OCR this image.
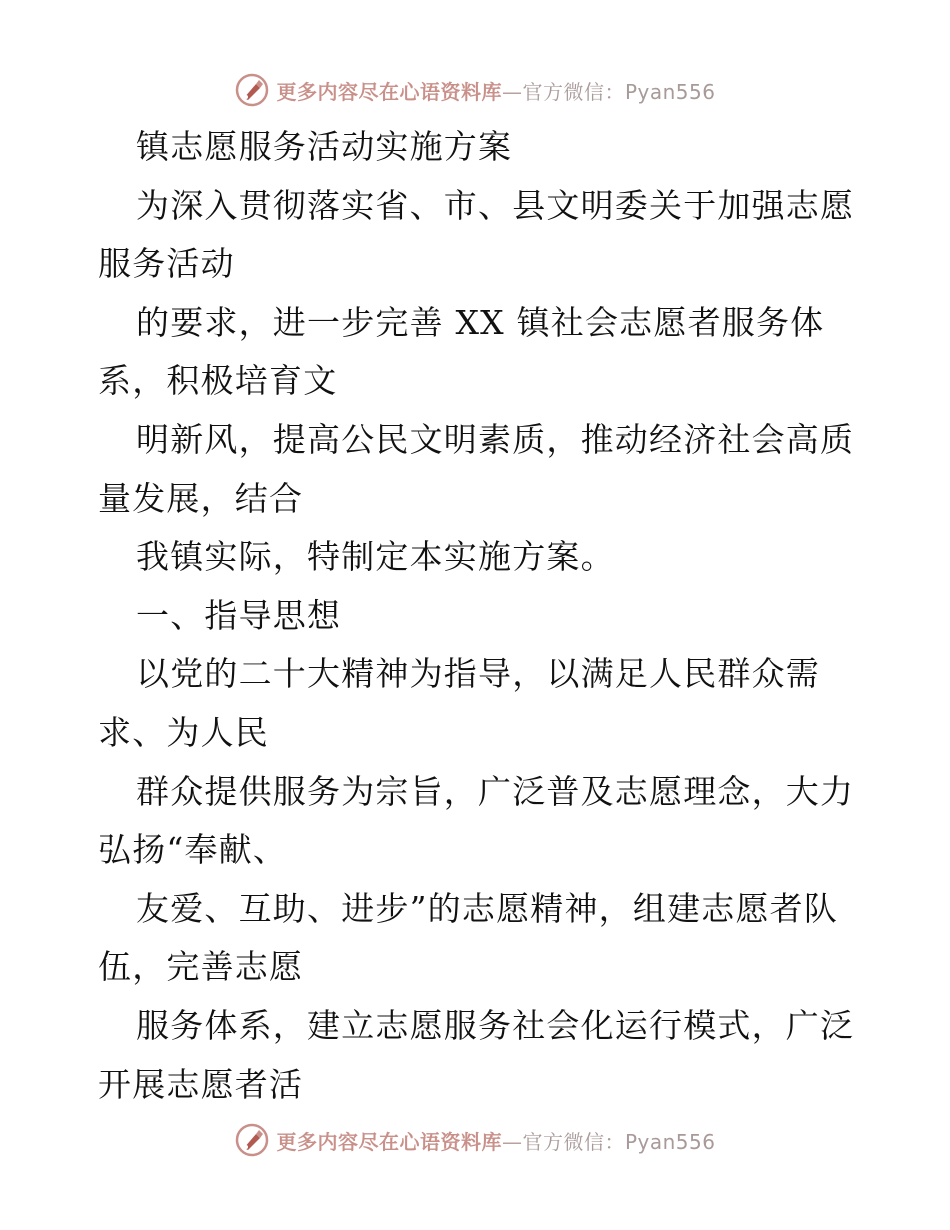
更多内容尽在心语资料库—官方微信：Pyan556
镇志愿服务活动实施方案
为深入贯彻落实省、市、县文明委关于加强志愿
服务活动
的要求，进一步完善 XX 镇社会志愿者服务体
系，积极培育文
明新风，提高公民文明素质，推动经济社会高质
量发展，结合
我镇实际，特制定本实施方案。
一、指导思想
以党的二十大精神为指导，以满足人民群众需
求、为人民
群众提供服务为宗旨，广泛普及志愿理念，大力
弘扬“奉献、
友爱、互助、进步”的志愿精神，组建志愿者队
伍，完善志愿
服务体系，建立志愿服务社会化运行模式，广泛
开展志愿者活
更多内容尽在心语资料库—官方微信：Pyan556
